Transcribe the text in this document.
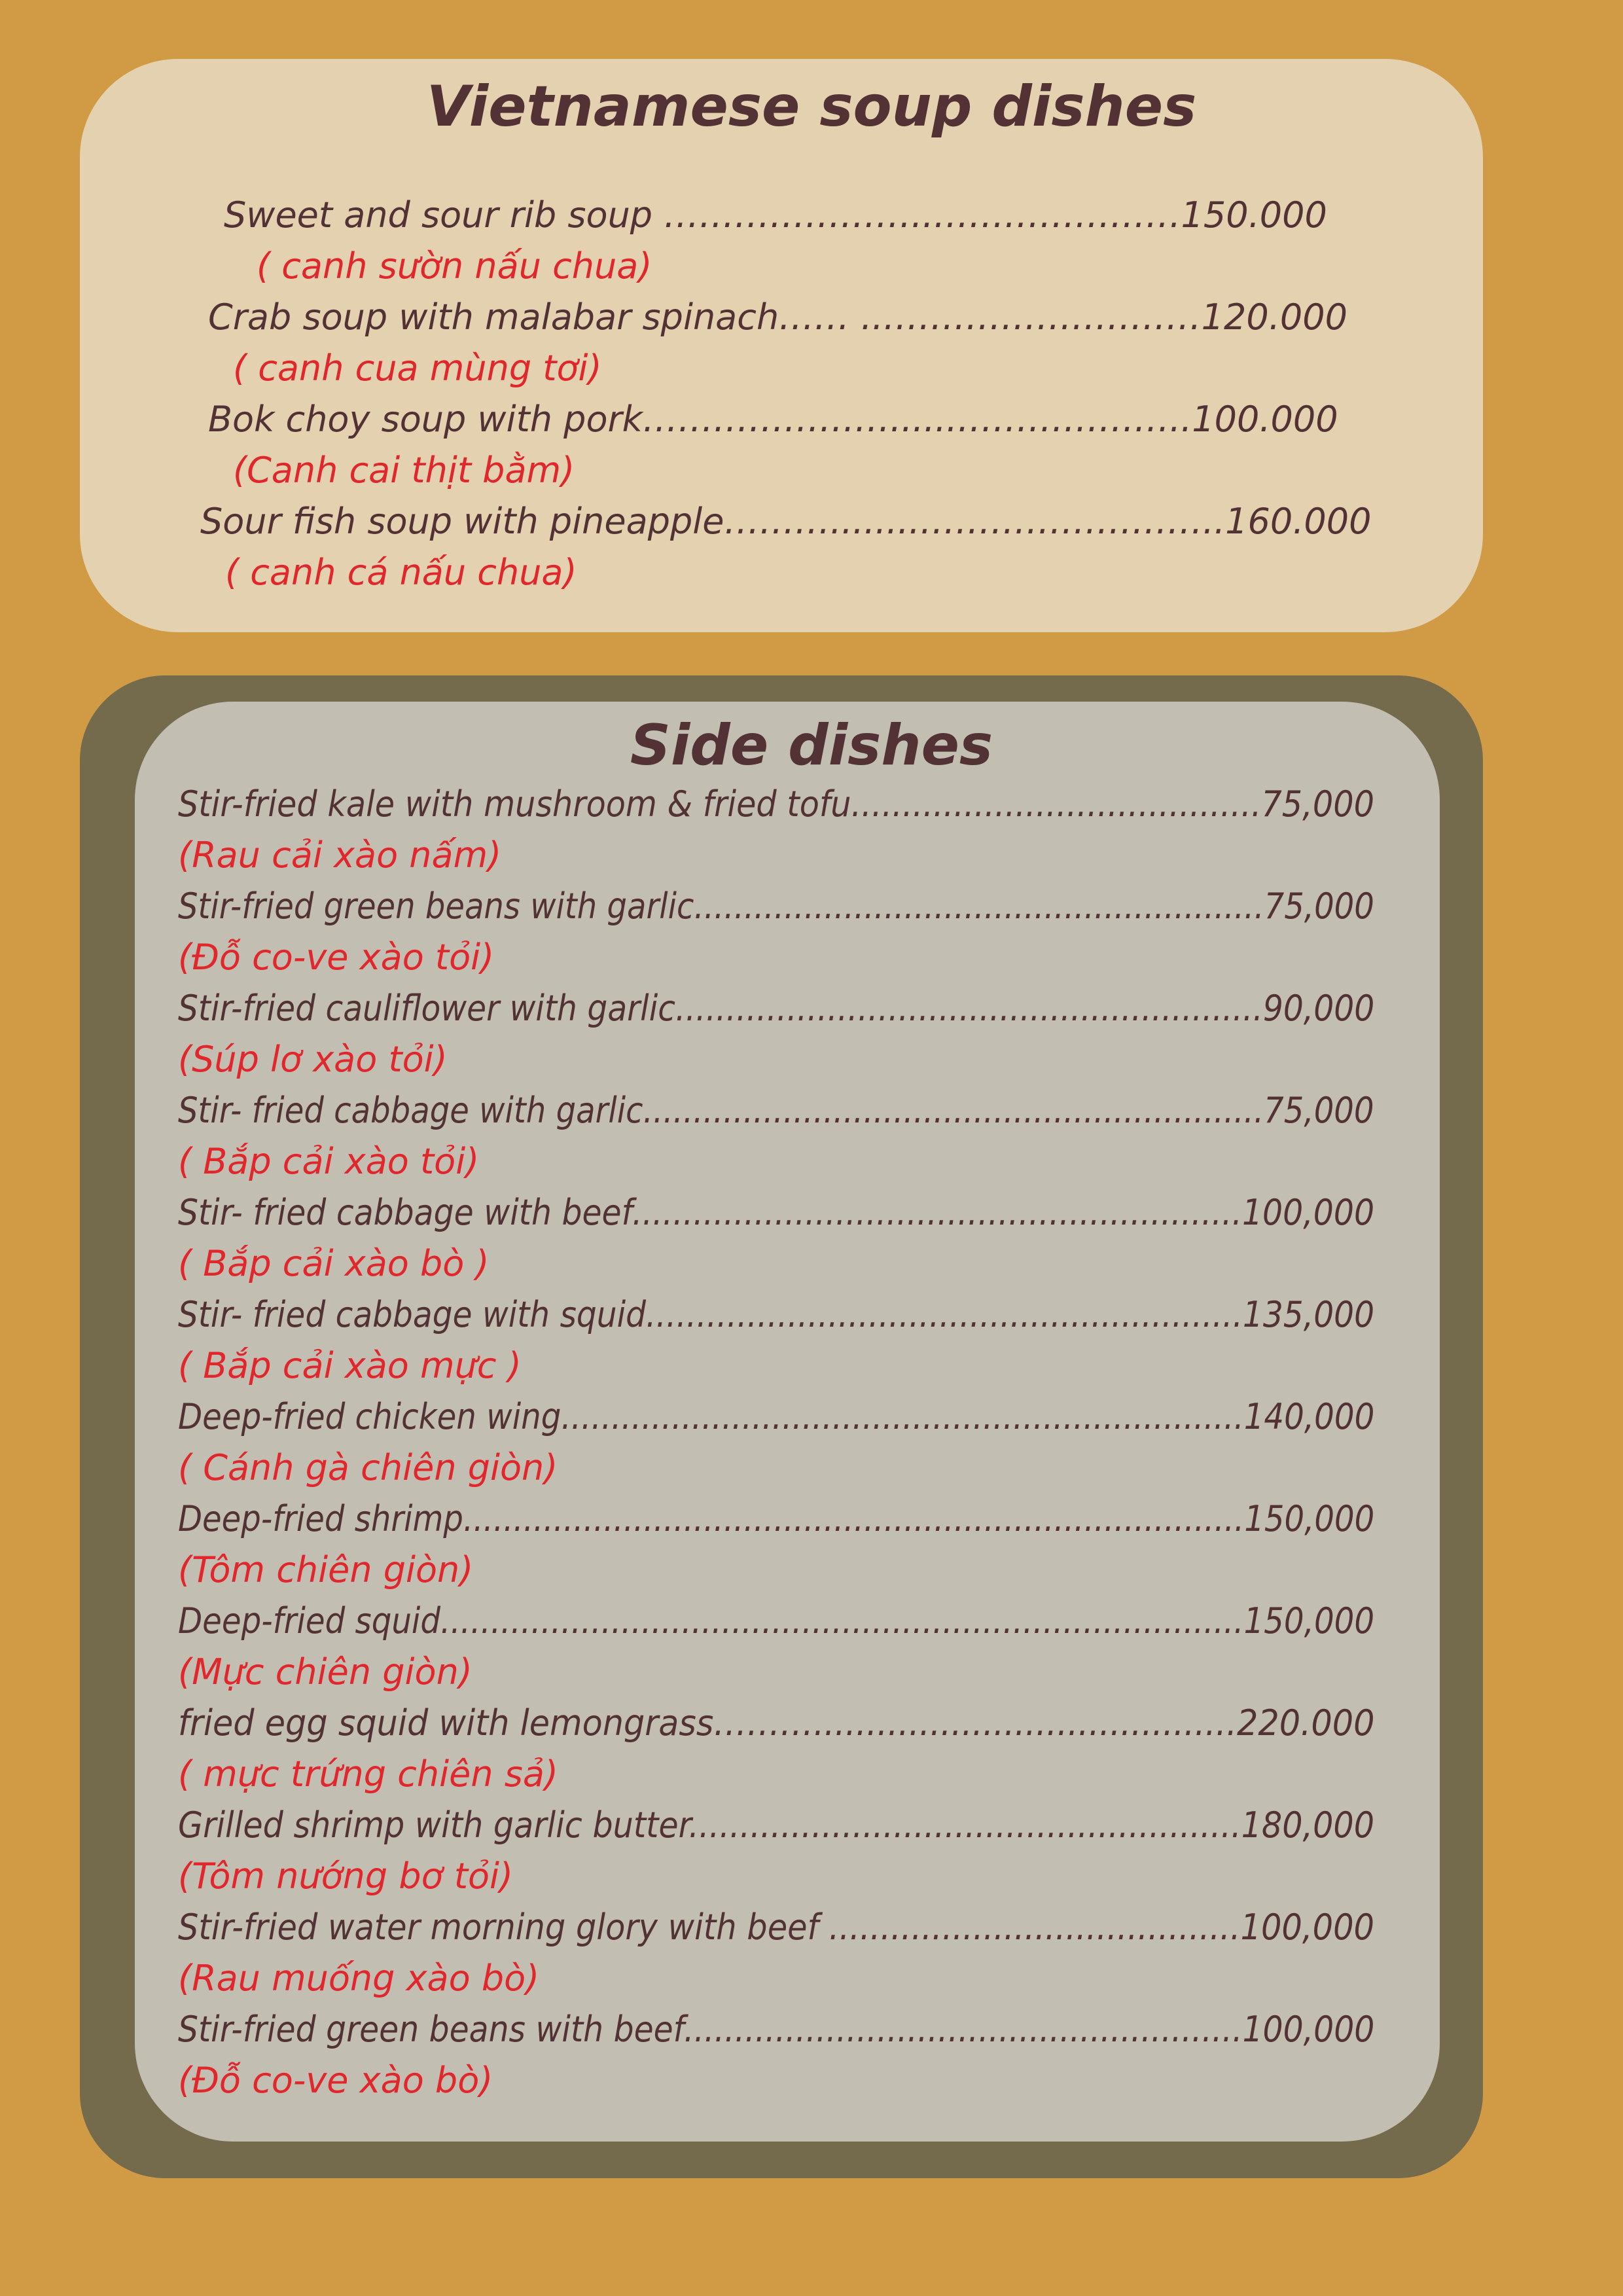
Vietnamese soup dishes
Sweet and sour rib soup …………………..…………………150.000
( canh sườn nấu chua)
Crab soup with malabar spinach…… ..………………………120.000
( canh cua mùng tơi)
Bok choy soup with pork…………………......………………..100.000
(Canh cai thịt bằm)
Sour fish soup with pineapple………........……………………..160.000
( canh cá nấu chua)
Side dishes
Stir-fried kale with mushroom & fried tofu........................................75,000
(Rau cải xào nấm)
Stir-fried green beans with garlic.........................................................75,000
(Đỗ co-ve xào tỏi)
Stir-fried cauliflower with garlic..........................................................90,000
(Súp lơ xào tỏi)
Stir- fried cabbage with garlic..............................................................75,000
( Bắp cải xào tỏi)
Stir- fried cabbage with beef............................................................100,000
( Bắp cải xào bò )
Stir- fried cabbage with squid...........................................................135,000
( Bắp cải xào mực )
Deep-fried chicken wing....................................................................140,000
( Cánh gà chiên giòn)
Deep-fried shrimp..............................................................................150,000
(Tôm chiên giòn)
Deep-fried squid................................................................................150,000
(Mực chiên giòn)
fried egg squid with lemongrass………........................................220.000
( mực trứng chiên sả)
Grilled shrimp with garlic butter......................................................180,000
(Tôm nướng bơ tỏi)
Stir-fried water morning glory with beef ........................................100,000
(Rau muống xào bò)
Stir-fried green beans with beef.......................................................100,000
(Đỗ co-ve xào bò)
